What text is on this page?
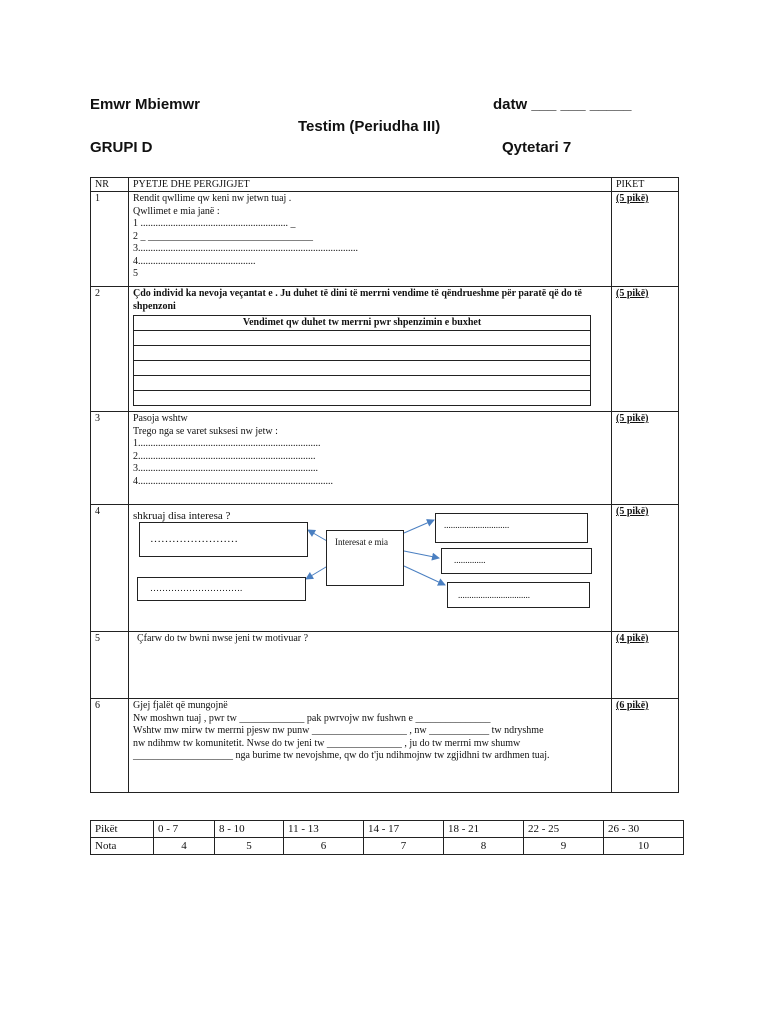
Emwr Mbiemwr	datw ___ ___ _____
Testim (Periudha III)
GRUPI D	Qytetari 7
NR	PYETJE DHE PERGJIGJET	PIKET
1	Rendit qwllime qw keni nw jetwn tuaj .
Qwllimet e mia janë :
1 ........................................................... _
2 _ _________________________________
3........................................................................................
4...............................................
5
	(5 pikë)
2	Çdo individ ka nevoja veçantat e . Ju duhet të dini të merrni vendime të qëndrueshme për paratë që do të shpenzoni
Vendimet qw duhet tw merrni pwr shpenzimin e buxhet

	(5 pikë)
3	Pasoja wshtw
Trego nga se varet suksesi nw jetw :
1.........................................................................
2.......................................................................
3........................................................................
4..............................................................................
	(5 pikë)
4	shkruaj disa interesa ?	(5 pikë)
5	Çfarw do tw bwni nwse jeni tw motivuar ?	(4 pikë)
6	Gjej fjalët që mungojnë
Nw moshwn tuaj , pwr tw _____________ pak pwrvojw nw fushwn e _______________
Wshtw mw mirw tw merrni pjesw nw punw ___________________ , nw ____________ tw ndryshme
nw ndihmw tw komunitetit. Nwse do tw jeni tw _______________ , ju do tw merrni mw shumw
____________________ nga burime tw nevojshme, qw do t'ju ndihmojnw tw zgjidhni tw ardhmen tuaj.
	(6 pikë)
……………………
………………………….
Interesat e mia
.............................
..............
................................
Pikët	0 - 7	8 - 10	11 - 13	14 - 17	18 - 21	22 - 25	26 - 30
Nota	4	5	6	7	8	9	10
